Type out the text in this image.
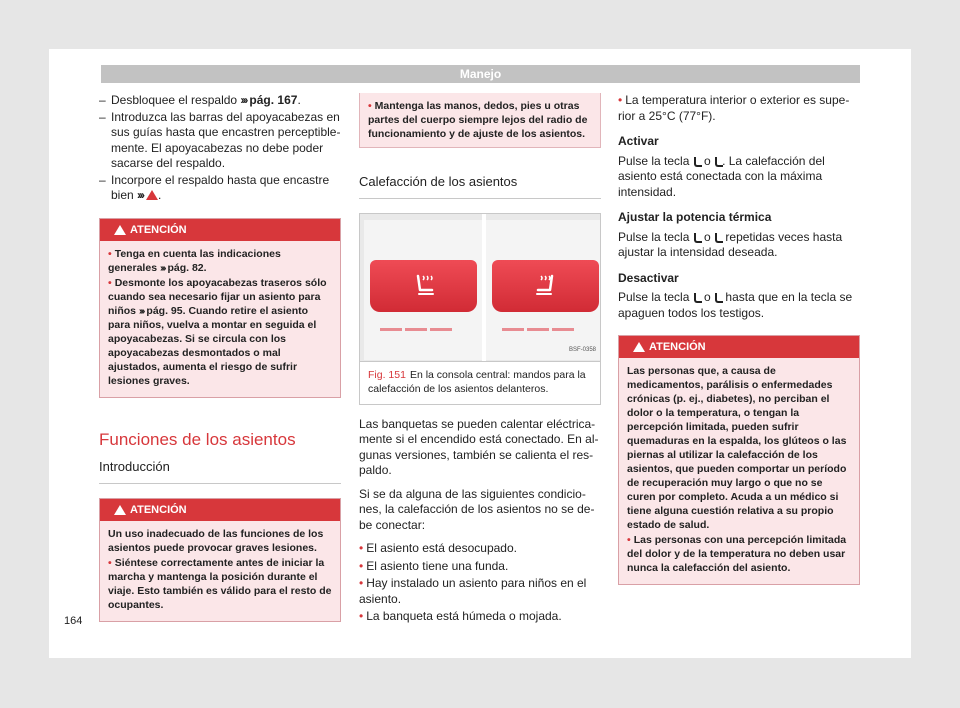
Manejo
– Desbloquee el respaldo ››› pág. 167.
– Introduzca las barras del apoyacabezas en sus guías hasta que encastren perceptiblemente. El apoyacabezas no debe poder sacarse del respaldo.
– Incorpore el respaldo hasta que encastre bien ››› .
ATENCIÓN
• Tenga en cuenta las indicaciones generales ››› pág. 82.
• Desmonte los apoyacabezas traseros sólo cuando sea necesario fijar un asiento para niños ››› pág. 95. Cuando retire el asiento para niños, vuelva a montar en seguida el apoyacabezas. Si se circula con los apoyacabezas desmontados o mal ajustados, aumenta el riesgo de sufrir lesiones graves.
Funciones de los asientos
Introducción
ATENCIÓN
Un uso inadecuado de las funciones de los asientos puede provocar graves lesiones.
• Siéntese correctamente antes de iniciar la marcha y mantenga la posición durante el viaje. Esto también es válido para el resto de ocupantes.
• Mantenga las manos, dedos, pies u otras partes del cuerpo siempre lejos del radio de funcionamiento y de ajuste de los asientos.
Calefacción de los asientos
BSF-0358
Fig. 151 En la consola central: mandos para la calefacción de los asientos delanteros.
Las banquetas se pueden calentar eléctricamente si el encendido está conectado. En algunas versiones, también se calienta el respaldo.
Si se da alguna de las siguientes condiciones, la calefacción de los asientos no se debe conectar:
• El asiento está desocupado.
• El asiento tiene una funda.
• Hay instalado un asiento para niños en el asiento.
• La banqueta está húmeda o mojada.
• La temperatura interior o exterior es superior a 25°C (77°F).
Activar
Pulse la tecla  o . La calefacción del asiento está conectada con la máxima intensidad.
Ajustar la potencia térmica
Pulse la tecla  o  repetidas veces hasta ajustar la intensidad deseada.
Desactivar
Pulse la tecla  o  hasta que en la tecla se apaguen todos los testigos.
ATENCIÓN
Las personas que, a causa de medicamentos, parálisis o enfermedades crónicas (p. ej., diabetes), no perciban el dolor o la temperatura, o tengan la percepción limitada, pueden sufrir quemaduras en la espalda, los glúteos o las piernas al utilizar la calefacción de los asientos, que pueden comportar un período de recuperación muy largo o que no se curen por completo. Acuda a un médico si tiene alguna cuestión relativa a su propio estado de salud.
• Las personas con una percepción limitada del dolor y de la temperatura no deben usar nunca la calefacción del asiento.
164
